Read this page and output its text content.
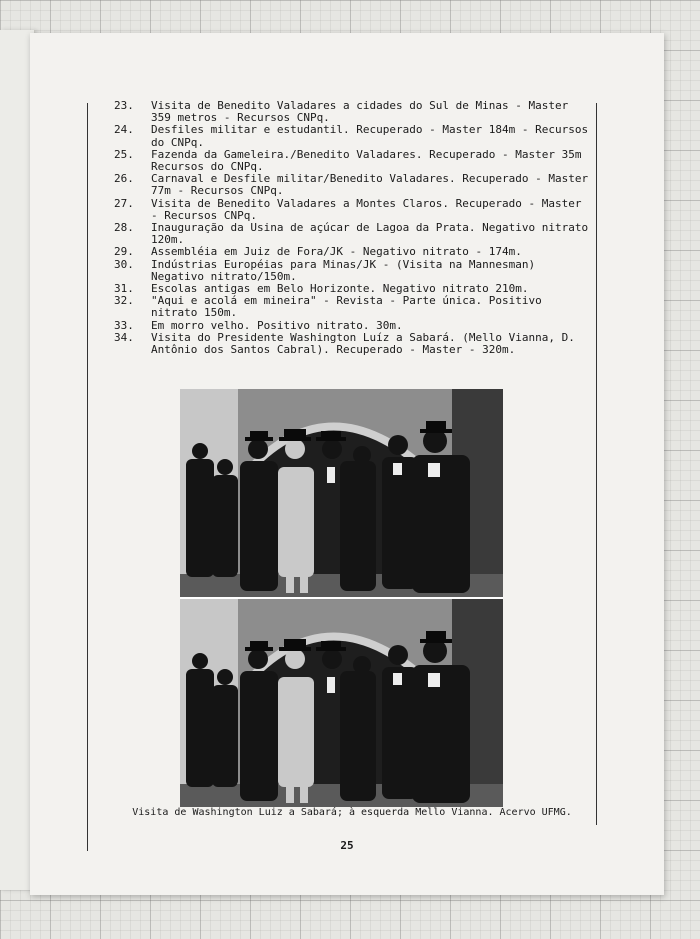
23.	Visita de Benedito Valadares a cidades do Sul de Minas - Master 359 metros - Recursos CNPq.
24.	Desfiles militar e estudantil. Recuperado - Master 184m - Recursos do CNPq.
25.	Fazenda da Gameleira./Benedito Valadares. Recuperado - Master 35m Recursos do CNPq.
26.	Carnaval e Desfile militar/Benedito Valadares. Recuperado - Master 77m - Recursos CNPq.
27.	Visita de Benedito Valadares a Montes Claros. Recuperado - Master - Recursos CNPq.
28.	Inauguração da Usina de açúcar de Lagoa da Prata. Negativo nitrato 120m.
29.	Assembléia em Juiz de Fora/JK - Negativo nitrato - 174m.
30.	Indústrias Européias para Minas/JK - (Visita na Mannesman) Negativo nitrato/150m.
31.	Escolas antigas em Belo Horizonte. Negativo nitrato 210m.
32.	"Aqui e acolá em mineira" - Revista - Parte única. Positivo nitrato 150m.
33.	Em morro velho. Positivo nitrato. 30m.
34.	Visita do Presidente Washington Luíz a Sabará. (Mello Vianna, D. Antônio dos Santos Cabral). Recuperado - Master - 320m.
Visita de Washington Luiz a Sabará; à esquerda Mello Vianna. Acervo UFMG.
25
